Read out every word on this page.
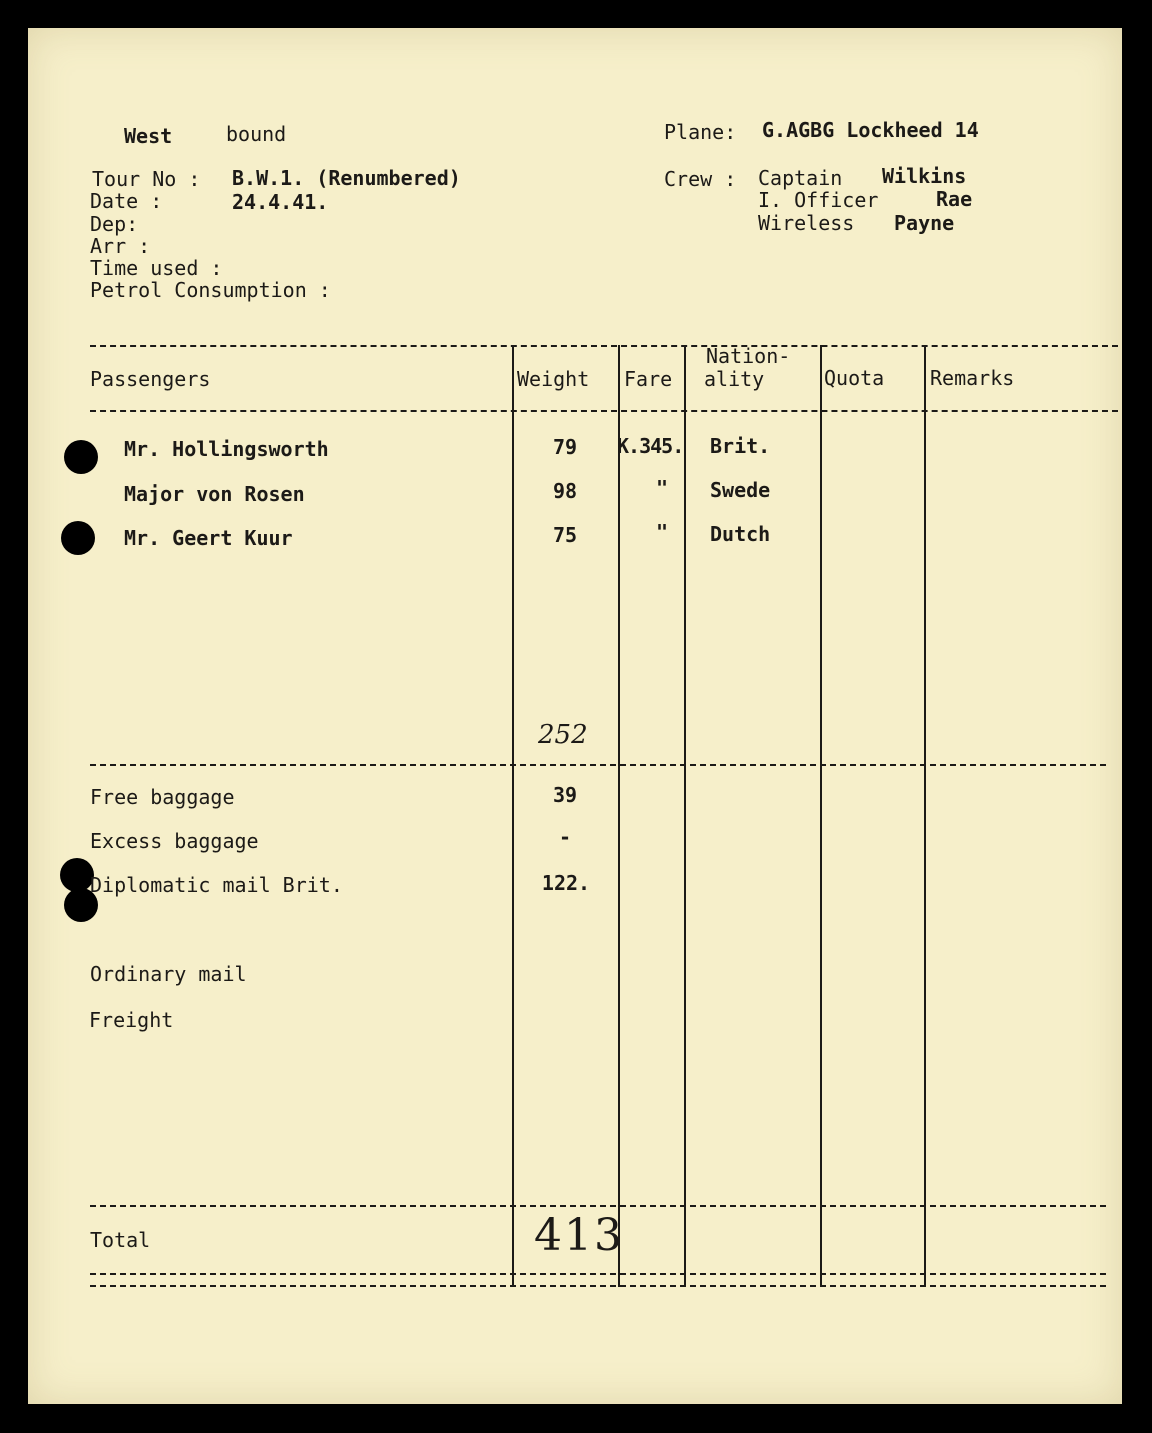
West	bound
Tour No : B.W.1. (Renumbered)
Date :	24.4.41.
Dep:
Arr :
Time used :
Petrol Consumption :
Plane: G.AGBG Lockheed 14
Crew : Captain Wilkins
I. Officer	Rae
Wireless Payne
Passengers	Weight Fare
Nation-
ality	Quota Remarks
Mr. Hollingsworth	79	K.345. Brit.
Major von Rosen	98	"	Swede
Mr. Geert Kuur	75	"	Dutch
252
Free baggage	39
Excess baggage	-
Diplomatic mail Brit.	122.
Ordinary mail
Freight
Total	413
